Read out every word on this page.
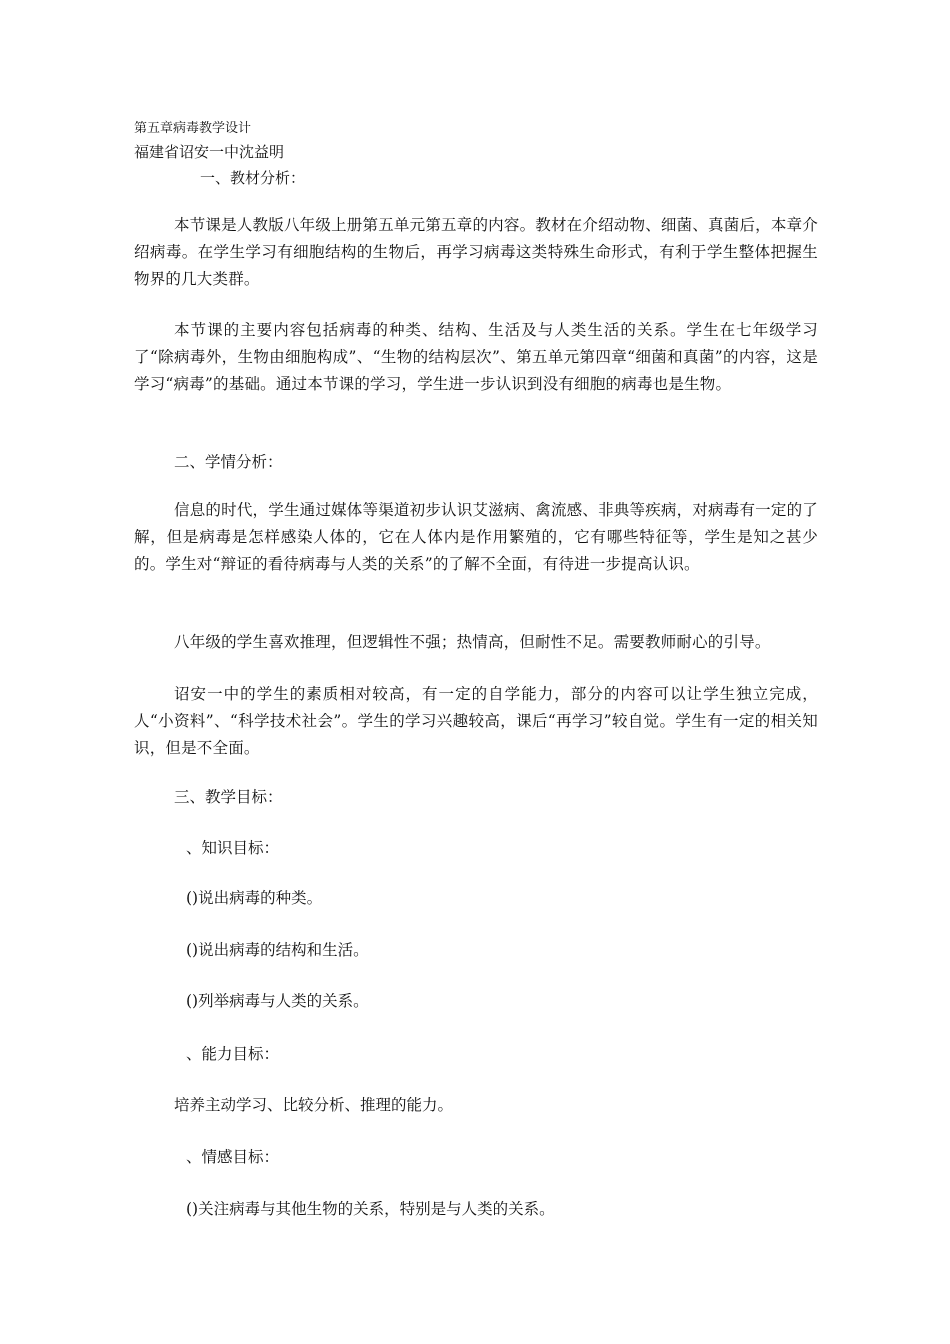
第五章病毒教学设计
福建省诏安一中沈益明
一、教材分析：
本节课是人教版八年级上册第五单元第五章的内容。教材在介绍动物、细菌、真菌后，本章介绍病毒。在学生学习有细胞结构的生物后，再学习病毒这类特殊生命形式，有利于学生整体把握生物界的几大类群。
本节课的主要内容包括病毒的种类、结构、生活及与人类生活的关系。学生在七年级学习了“除病毒外，生物由细胞构成”、“生物的结构层次”、第五单元第四章“细菌和真菌”的内容，这是学习“病毒”的基础。通过本节课的学习，学生进一步认识到没有细胞的病毒也是生物。
二、学情分析：
信息的时代，学生通过媒体等渠道初步认识艾滋病、禽流感、非典等疾病，对病毒有一定的了解，但是病毒是怎样感染人体的，它在人体内是作用繁殖的，它有哪些特征等，学生是知之甚少的。学生对“辩证的看待病毒与人类的关系”的了解不全面，有待进一步提高认识。
八年级的学生喜欢推理，但逻辑性不强；热情高，但耐性不足。需要教师耐心的引导。
诏安一中的学生的素质相对较高，有一定的自学能力，部分的内容可以让学生独立完成，人“小资料”、“科学技术社会”。学生的学习兴趣较高，课后“再学习”较自觉。学生有一定的相关知识，但是不全面。
三、教学目标：
、知识目标：
()说出病毒的种类。
()说出病毒的结构和生活。
()列举病毒与人类的关系。
、能力目标：
培养主动学习、比较分析、推理的能力。
、情感目标：
()关注病毒与其他生物的关系，特别是与人类的关系。
